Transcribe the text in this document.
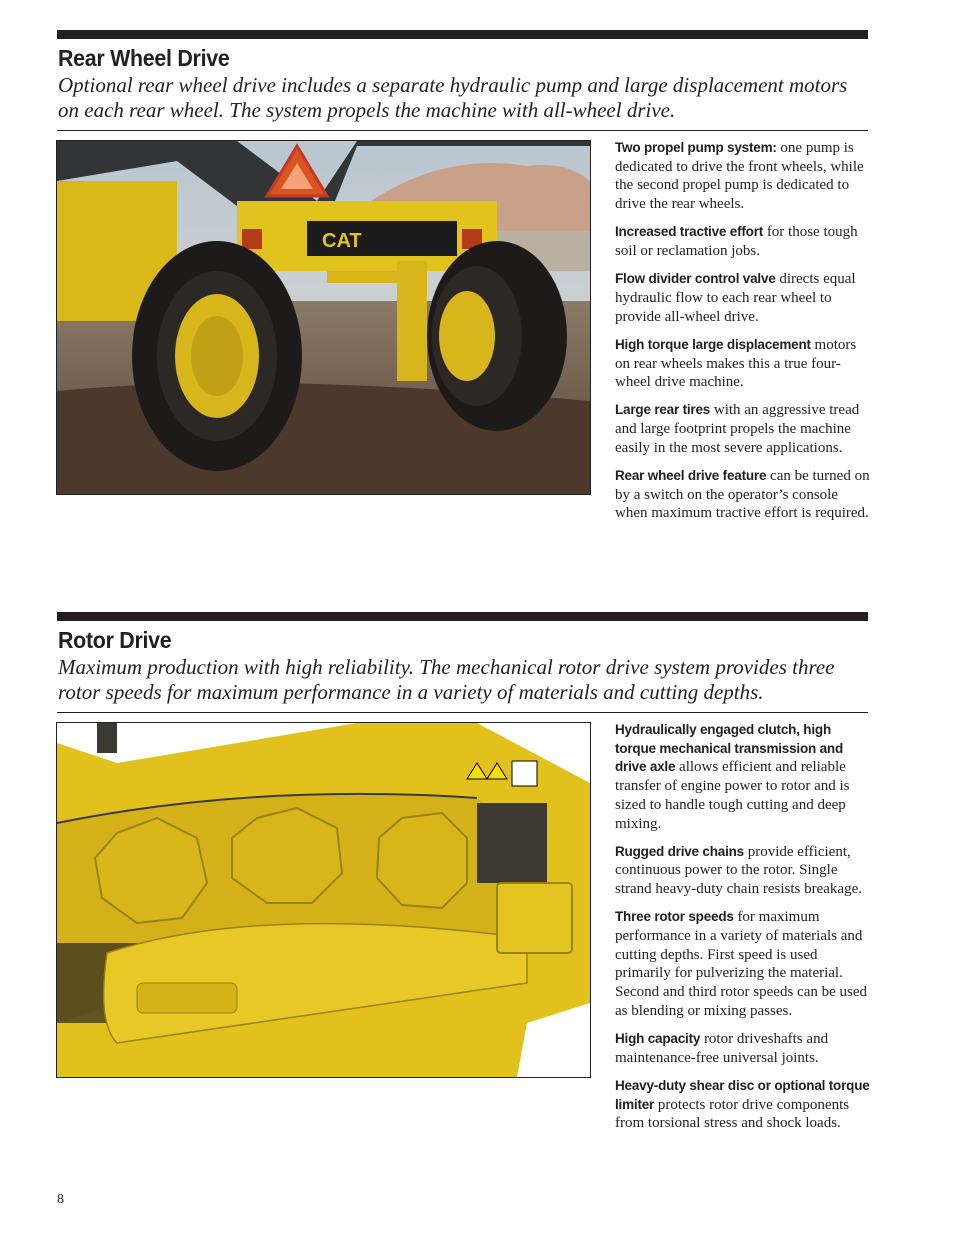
Rear Wheel Drive
Optional rear wheel drive includes a separate hydraulic pump and large displacement motors on each rear wheel. The system propels the machine with all-wheel drive.
CAT

Two propel pump system: one pump is dedicated to drive the front wheels, while the second propel pump is dedicated to drive the rear wheels.

Increased tractive effort for those tough soil or reclamation jobs.

Flow divider control valve directs equal hydraulic flow to each rear wheel to provide all-wheel drive.

High torque large displacement motors on rear wheels makes this a true four-wheel drive machine.

Large rear tires with an aggressive tread and large footprint propels the machine easily in the most severe applications.

Rear wheel drive feature can be turned on by a switch on the operator’s console when maximum tractive effort is required.

Rotor Drive
Maximum production with high reliability. The mechanical rotor drive system provides three rotor speeds for maximum performance in a variety of materials and cutting depths.

Hydraulically engaged clutch, high torque mechanical transmission and drive axle allows efficient and reliable transfer of engine power to rotor and is sized to handle tough cutting and deep mixing.

Rugged drive chains provide efficient, continuous power to the rotor. Single strand heavy-duty chain resists breakage.

Three rotor speeds for maximum performance in a variety of materials and cutting depths. First speed is used primarily for pulverizing the material. Second and third rotor speeds can be used as blending or mixing passes.

High capacity rotor driveshafts and maintenance-free universal joints.

Heavy-duty shear disc or optional torque limiter protects rotor drive components from torsional stress and shock loads.

8
